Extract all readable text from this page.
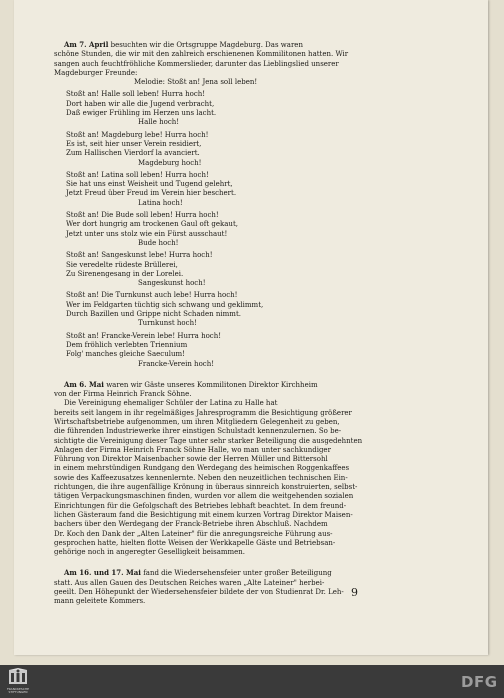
Am 7. April besuchten wir die Ortsgruppe Magdeburg. Das waren
schöne Stunden, die wir mit den zahlreich erschienenen Kommilitonen hatten. Wir
sangen auch feuchtfröhliche Kommerslieder, darunter das Lieblingslied unserer
Magdeburger Freunde:

Melodie: Stoßt an! Jena soll leben!

Stoßt an! Halle soll leben! Hurra hoch!
Dort haben wir alle die Jugend verbracht,
Daß ewiger Frühling im Herzen uns lacht.
Halle hoch!
Stoßt an! Magdeburg lebe! Hurra hoch!
Es ist, seit hier unser Verein residiert,
Zum Hallischen Vierdorf la avanciert.
Magdeburg hoch!
Stoßt an! Latina soll leben! Hurra hoch!
Sie hat uns einst Weisheit und Tugend gelehrt,
Jetzt Freud über Freud im Verein hier beschert.
Latina hoch!
Stoßt an! Die Bude soll leben! Hurra hoch!
Wer dort hungrig am trockenen Gaul oft gekaut,
Jetzt unter uns stolz wie ein Fürst ausschaut!
Bude hoch!
Stoßt an! Sangeskunst lebe! Hurra hoch!
Sie veredelte rüdeste Brüllerei,
Zu Sirenengesang in der Lorelei.
Sangeskunst hoch!
Stoßt an! Die Turnkunst auch lebe! Hurra hoch!
Wer im Feldgarten tüchtig sich schwang und geklimmt,
Durch Bazillen und Grippe nicht Schaden nimmt.
Turnkunst hoch!
Stoßt an! Francke-Verein lebe! Hurra hoch!
Dem fröhlich verlebten Triennium
Folg' manches gleiche Saeculum!
Francke-Verein hoch!

Am 6. Mai waren wir Gäste unseres Kommilitonen Direktor Kirchheim
von der Firma Heinrich Franck Söhne.

Die Vereinigung ehemaliger Schüler der Latina zu Halle hat
bereits seit langem in ihr regelmäßiges Jahresprogramm die Besichtigung größerer
Wirtschaftsbetriebe aufgenommen, um ihren Mitgliedern Gelegenheit zu geben,
die führenden Industriewerke ihrer einstigen Schulstadt kennenzulernen. So be-
sichtigte die Vereinigung dieser Tage unter sehr starker Beteiligung die ausgedehnten
Anlagen der Firma Heinrich Franck Söhne Halle, wo man unter sachkundiger
Führung von Direktor Maisenbacher sowie der Herren Müller und Bittersohl
in einem mehrstündigen Rundgang den Werdegang des heimischen Roggenkaffees
sowie des Kaffeezusatzes kennenlernte. Neben den neuzeitlichen technischen Ein-
richtungen, die ihre augenfällige Krönung in überaus sinnreich konstruierten, selbst-
tätigen Verpackungsmaschinen finden, wurden vor allem die weitgehenden sozialen
Einrichtungen für die Gefolgschaft des Betriebes lebhaft beachtet. In dem freund-
lichen Gästeraum fand die Besichtigung mit einem kurzen Vortrag Direktor Maisen-
bachers über den Werdegang der Franck-Betriebe ihren Abschluß. Nachdem
Dr. Koch den Dank der „Alten Lateiner" für die anregungsreiche Führung aus-
gesprochen hatte, hielten flotte Weisen der Werkkapelle Gäste und Betriebsan-
gehörige noch in angeregter Geselligkeit beisammen.

Am 16. und 17. Mai fand die Wiedersehensfeier unter großer Beteiligung
statt. Aus allen Gauen des Deutschen Reiches waren „Alte Lateiner" herbei-
geeilt. Den Höhepunkt der Wiedersehensfeier bildete der von Studienrat Dr. Leh-
mann geleitete Kommers.

9
FRANCKESCHE STIFTUNGEN
DFG
